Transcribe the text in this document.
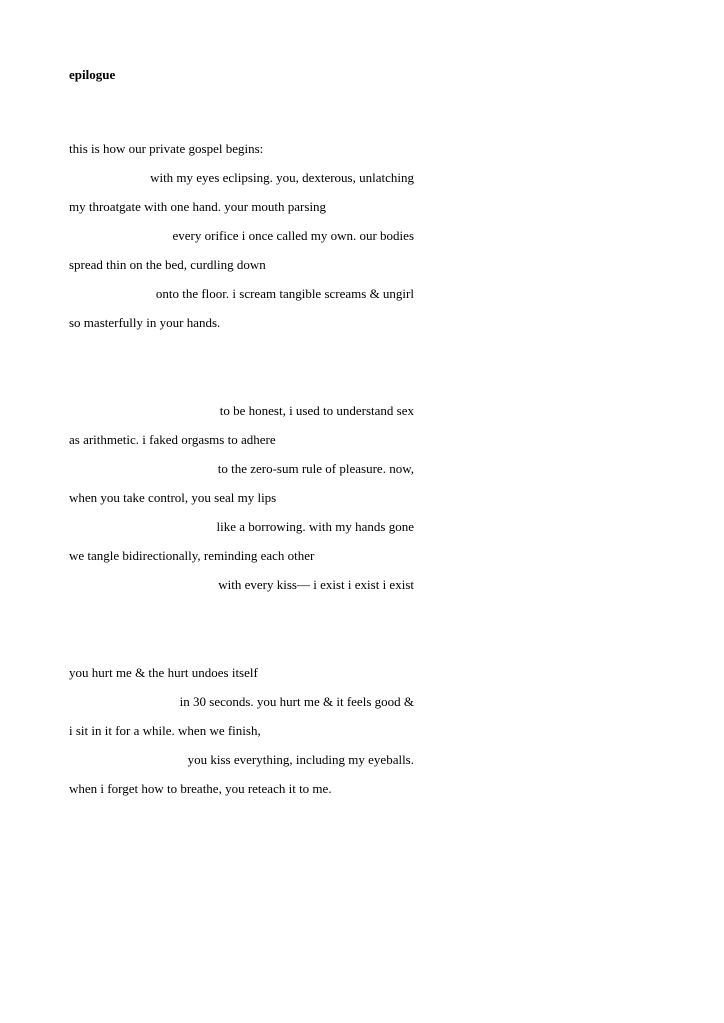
epilogue
this is how our private gospel begins:
with my eyes eclipsing. you, dexterous, unlatching
my throatgate with one hand. your mouth parsing
every orifice i once called my own. our bodies
spread thin on the bed, curdling down
onto the floor. i scream tangible screams & ungirl
so masterfully in your hands.
to be honest, i used to understand sex
as arithmetic. i faked orgasms to adhere
to the zero-sum rule of pleasure. now,
when you take control, you seal my lips
like a borrowing. with my hands gone
we tangle bidirectionally, reminding each other
with every kiss— i exist i exist i exist
you hurt me & the hurt undoes itself
in 30 seconds. you hurt me & it feels good &
i sit in it for a while. when we finish,
you kiss everything, including my eyeballs.
when i forget how to breathe, you reteach it to me.
